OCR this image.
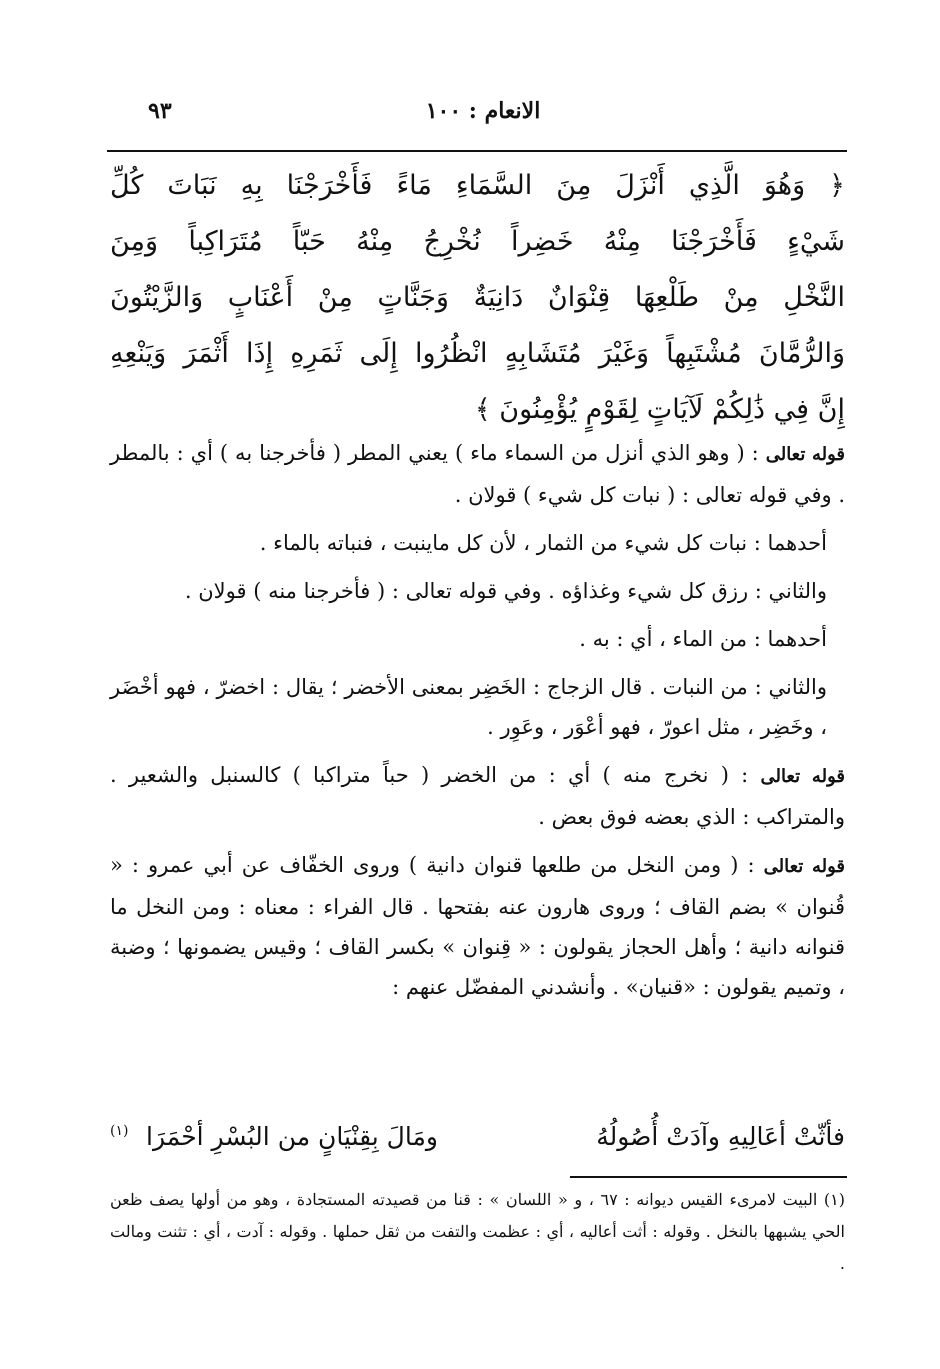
الانعام : ١٠٠
٩٣
﴿ وَهُوَ الَّذِي أَنْزَلَ مِنَ السَّمَاءِ مَاءً فَأَخْرَجْنَا بِهِ نَبَاتَ كُلِّ
شَيْءٍ فَأَخْرَجْنَا مِنْهُ خَضِراً نُخْرِجُ مِنْهُ حَبّاً مُتَرَاكِباً وَمِنَ
النَّخْلِ مِنْ طَلْعِهَا قِنْوَانٌ دَانِيَةٌ وَجَنَّاتٍ مِنْ أَعْنَابٍ وَالزَّيْتُونَ
وَالرُّمَّانَ مُشْتَبِهاً وَغَيْرَ مُتَشَابِهٍ انْظُرُوا إِلَى ثَمَرِهِ إِذَا أَثْمَرَ وَيَنْعِهِ
إِنَّ فِي ذَٰلِكُمْ لَآيَاتٍ لِقَوْمٍ يُؤْمِنُونَ ﴾

قوله تعالى : ( وهو الذي أنزل من السماء ماء ) يعني المطر ( فأخرجنا به ) أي : بالمطر . وفي قوله تعالى : ( نبات كل شيء ) قولان .

أحدهما : نبات كل شيء من الثمار ، لأن كل ماينبت ، فنباته بالماء .

والثاني : رزق كل شيء وغذاؤه . وفي قوله تعالى : ( فأخرجنا منه ) قولان .

أحدهما : من الماء ، أي : به .

والثاني : من النبات . قال الزجاج : الخَضِر بمعنى الأخضر ؛ يقال : اخضرّ ، فهو أخْضَر ، وخَضِر ، مثل اعورّ ، فهو أعْوَر ، وعَوِر .

قوله تعالى : ( نخرج منه ) أي : من الخضر ( حباً متراكبا ) كالسنبل والشعير . والمتراكب : الذي بعضه فوق بعض .

قوله تعالى : ( ومن النخل من طلعها قنوان دانية ) وروى الخفّاف عن أبي عمرو : « قُنوان » بضم القاف ؛ وروى هارون عنه بفتحها . قال الفراء : معناه : ومن النخل ما قنوانه دانية ؛ وأهل الحجاز يقولون : « قِنوان » بكسر القاف ؛ وقيس يضمونها ؛ وضبة ، وتميم يقولون : «قنيان» . وأنشدني المفضّل عنهم :

فأثّتْ أعَالِيهِ وآدَتْ أُصُولُهُ
ومَالَ بِقِنْيَانٍ من البُسْرِ أحْمَرَا
(١)
(١) البيت لامرىء القيس ديوانه : ٦٧ ، و « اللسان » : قنا من قصيدته المستجادة ، وهو من أولها يصف ظعن الحي يشبهها بالنخل . وقوله : أثت أعاليه ، أي : عظمت والتفت من ثقل حملها . وقوله : آدت ، أي : تثنت ومالت .
